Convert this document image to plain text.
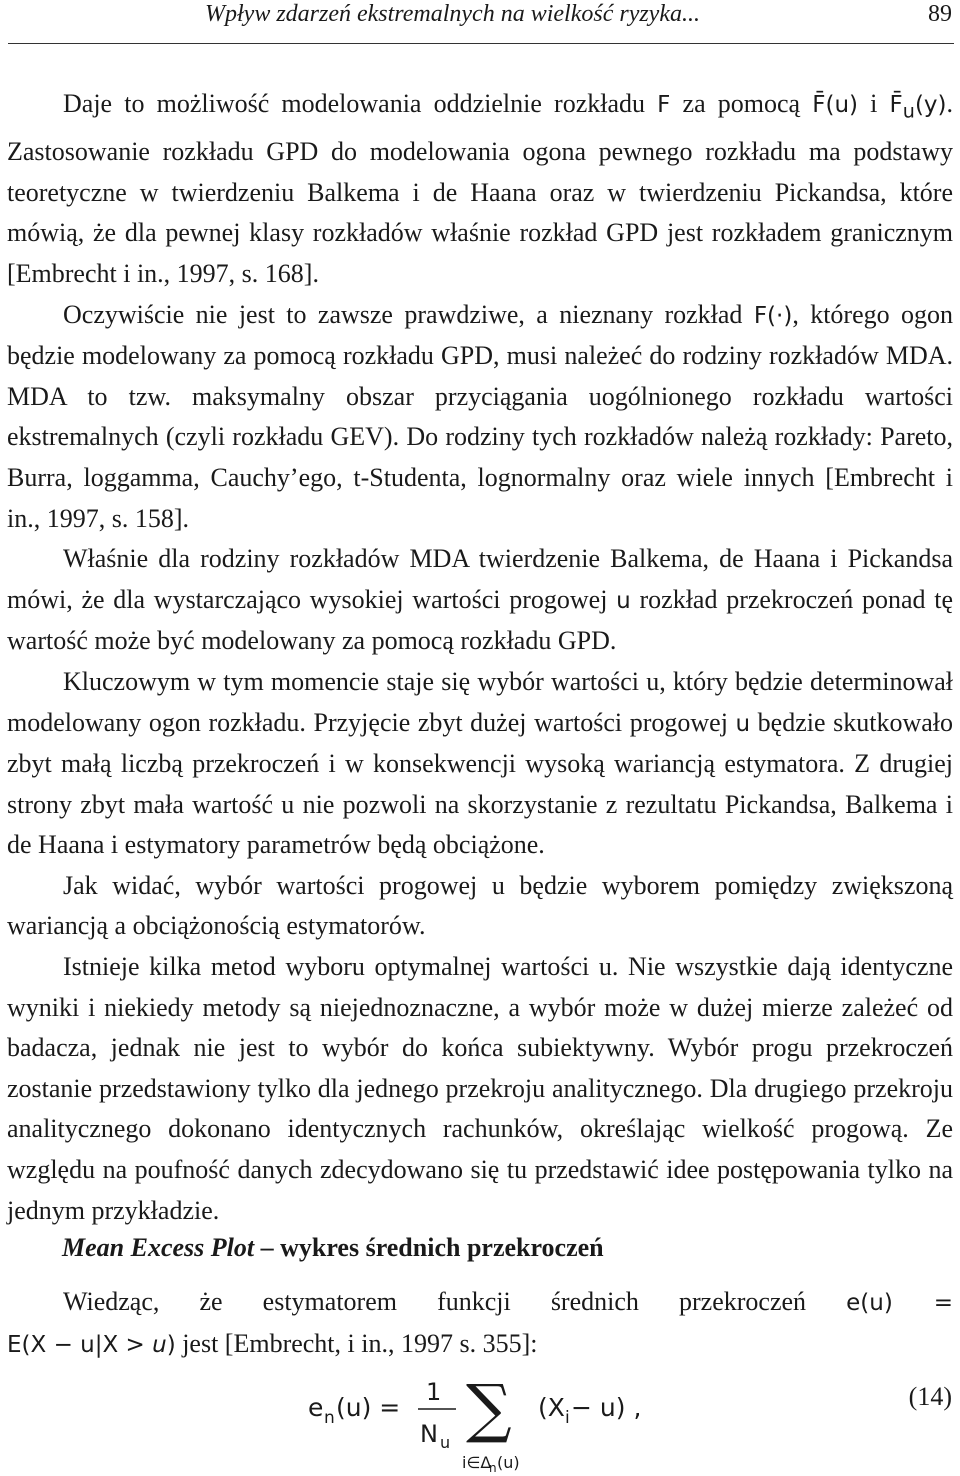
Wpływ zdarzeń ekstremalnych na wielkość ryzyka...	89

Daje to możliwość modelowania oddzielnie rozkładu F za pomocą F̄(u) i $F̄_u(y)$. Zastosowanie rozkładu GPD do modelowania ogona pewnego rozkładu ma podstawy teoretyczne w twierdzeniu Balkema i de Haana oraz w twierdzeniu Pickandsa, które mówią, że dla pewnej klasy rozkładów właśnie rozkład GPD jest rozkładem granicznym [Embrecht i in., 1997, s. 168].

Oczywiście nie jest to zawsze prawdziwe, a nieznany rozkład F(·), którego ogon będzie modelowany za pomocą rozkładu GPD, musi należeć do rodziny rozkładów MDA. MDA to tzw. maksymalny obszar przyciągania uogólnionego rozkładu wartości ekstremalnych (czyli rozkładu GEV). Do rodziny tych rozkładów należą rozkłady: Pareto, Burra, loggamma, Cauchy’ego, t-Studenta, lognormalny oraz wiele innych [Embrecht i in., 1997, s. 158].

Właśnie dla rodziny rozkładów MDA twierdzenie Balkema, de Haana i Pickandsa mówi, że dla wystarczająco wysokiej wartości progowej u rozkład przekroczeń ponad tę wartość może być modelowany za pomocą rozkładu GPD.

Kluczowym w tym momencie staje się wybór wartości u, który będzie determinował modelowany ogon rozkładu. Przyjęcie zbyt dużej wartości progowej u będzie skutkowało zbyt małą liczbą przekroczeń i w konsekwencji wysoką wariancją estymatora. Z drugiej strony zbyt mała wartość u nie pozwoli na skorzystanie z rezultatu Pickandsa, Balkema i de Haana i estymatory parametrów będą obciążone.

Jak widać, wybór wartości progowej u będzie wyborem pomiędzy zwiększoną wariancją a obciążonością estymatorów.

Istnieje kilka metod wyboru optymalnej wartości u. Nie wszystkie dają identyczne wyniki i niekiedy metody są niejednoznaczne, a wybór może w dużej mierze zależeć od badacza, jednak nie jest to wybór do końca subiektywny. Wybór progu przekroczeń zostanie przedstawiony tylko dla jednego przekroju analitycznego. Dla drugiego przekroju analitycznego dokonano identycznych rachunków, określając wielkość progową. Ze względu na poufność danych zdecydowano się tu przedstawić idee postępowania tylko na jednym przykładzie.

Mean Excess Plot – wykres średnich przekroczeń

Wiedząc, że estymatorem funkcji średnich przekroczeń e(u) =

E(X − u|X > u) jest [Embrecht, i in., 1997 s. 355]:

e n (u) =
1
N u ∑
i∈Δ
n (u)
(X i − u) ,	(14)
